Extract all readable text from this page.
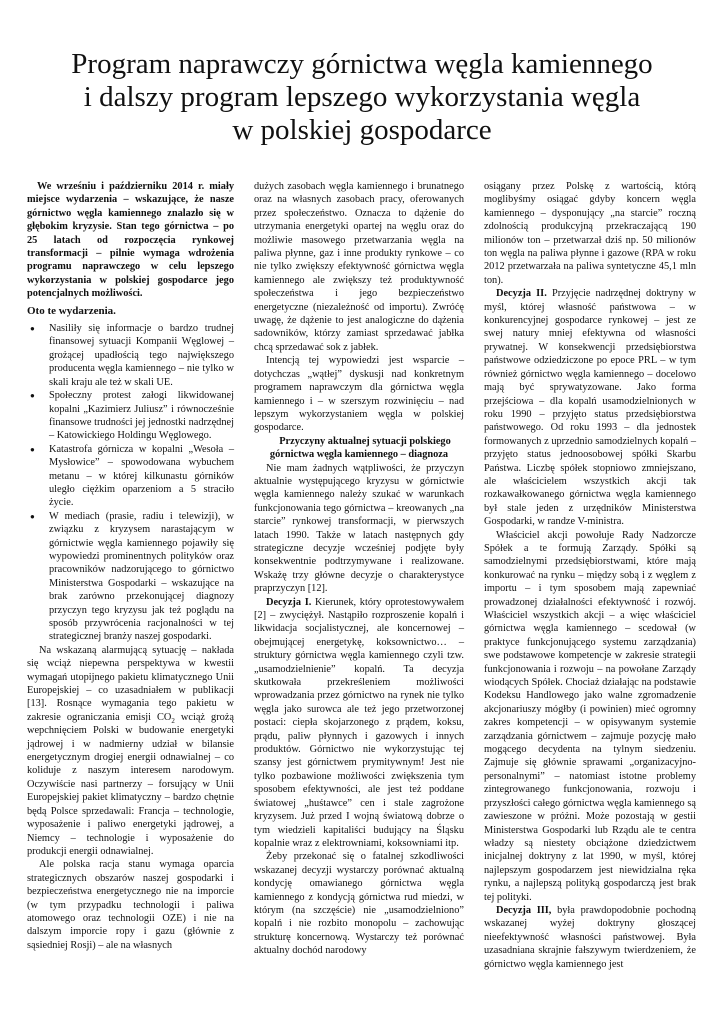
Program naprawczy górnictwa węgla kamiennego
i dalszy program lepszego wykorzystania węgla
w polskiej gospodarce

We wrześniu i październiku 2014 r. miały miejsce wydarzenia – wskazujące, że nasze górnictwo węgla kamiennego znalazło się w głębokim kryzysie. Stan tego górnictwa – po 25 latach od rozpoczęcia rynkowej transformacji – pilnie wymaga wdrożenia programu naprawczego w celu lepszego wykorzystania w polskiej gospodarce jego potencjalnych możliwości.

Oto te wydarzenia.

● Nasiliły się informacje o bardzo trudnej finansowej sytuacji Kompanii Węglowej – grożącej upadłością tego największego producenta węgla kamiennego – nie tylko w skali kraju ale też w skali UE.
● Społeczny protest załogi likwidowanej kopalni „Kazimierz Juliusz” i równocześnie finansowe trudności jej jednostki nadrzędnej – Katowickiego Holdingu Węglowego.
● Katastrofa górnicza w kopalni „Wesoła – Mysłowice” – spowodowana wybuchem metanu – w której kilkunastu górników uległo ciężkim oparzeniom a 5 straciło życie.
● W mediach (prasie, radiu i telewizji), w związku z kryzysem narastającym w górnictwie węgla kamiennego pojawiły się wypowiedzi prominentnych polityków oraz pracowników nadzorującego to górnictwo Ministerstwa Gospodarki – wskazujące na brak zarówno przekonującej diagnozy przyczyn tego kryzysu jak też poglądu na sposób przywrócenia racjonalności w tej strategicznej branży naszej gospodarki.

Na wskazaną alarmującą sytuację – nakłada się wciąż niepewna perspektywa w kwestii wymagań utopijnego pakietu klimatycznego Unii Europejskiej – co uzasadniałem w publikacji [13]. Rosnące wymagania tego pakietu w zakresie ograniczania emisji $CO_2$ wciąż grożą wepchnięciem Polski w budowanie energetyki jądrowej i w nadmierny udział w bilansie energetycznym drogiej energii odnawialnej – co koliduje z naszym interesem narodowym. Oczywiście nasi partnerzy – forsujący w Unii Europejskiej pakiet klimatyczny – bardzo chętnie będą Polsce sprzedawali: Francja – technologie, wyposażenie i paliwo energetyki jądrowej, a Niemcy – technologie i wyposażenie do produkcji energii odnawialnej.

Ale polska racja stanu wymaga oparcia strategicznych obszarów naszej gospodarki i bezpieczeństwa energetycznego nie na imporcie (w tym przypadku technologii i paliwa atomowego oraz technologii OZE) i nie na dalszym imporcie ropy i gazu (głównie z sąsiedniej Rosji) – ale na własnych

dużych zasobach węgla kamiennego i brunatnego oraz na własnych zasobach pracy, oferowanych przez społeczeństwo. Oznacza to dążenie do utrzymania energetyki opartej na węglu oraz do możliwie masowego przetwarzania węgla na paliwa płynne, gaz i inne produkty rynkowe – co nie tylko zwiększy efektywność górnictwa węgla kamiennego ale zwiększy też produktywność społeczeństwa i jego bezpieczeństwo energetyczne (niezależność od importu). Zwróćę uwagę, że dążenie to jest analogiczne do dążenia sadowników, którzy zamiast sprzedawać jabłka chcą sprzedawać sok z jabłek.

Intencją tej wypowiedzi jest wsparcie – dotychczas „wątłej” dyskusji nad konkretnym programem naprawczym dla górnictwa węgla kamiennego i – w szerszym rozwinięciu – nad lepszym wykorzystaniem węgla w polskiej gospodarce.

Przyczyny aktualnej sytuacji polskiego górnictwa węgla kamiennego – diagnoza

Nie mam żadnych wątpliwości, że przyczyn aktualnie występującego kryzysu w górnictwie węgla kamiennego należy szukać w warunkach funkcjonowania tego górnictwa – kreowanych „na starcie” rynkowej transformacji, w pierwszych latach 1990. Także w latach następnych gdy strategiczne decyzje wcześniej podjęte były konsekwentnie podtrzymywane i realizowane. Wskażę trzy główne decyzje o charakterystyce praprzyczyn [12].

Decyzja I. Kierunek, który oprotestowywałem [2] – zwyciężył. Nastąpiło rozproszenie kopalń i likwidacja socjalistycznej, ale koncernowej – obejmującej energetykę, koksownictwo… – struktury górnictwa węgla kamiennego czyli tzw. „usamodzielnienie” kopalń. Ta decyzja skutkowała przekreśleniem możliwości wprowadzania przez górnictwo na rynek nie tylko węgla jako surowca ale też jego przetworzonej postaci: ciepła skojarzonego z prądem, koksu, prądu, paliw płynnych i gazowych i innych produktów. Górnictwo nie wykorzystując tej szansy jest górnictwem prymitywnym! Jest nie tylko pozbawione możliwości zwiększenia tym sposobem efektywności, ale jest też poddane światowej „huśtawce” cen i stale zagrożone kryzysem. Już przed I wojną światową dobrze o tym wiedzieli kapitaliści budujący na Śląsku kopalnie wraz z elektrowniami, koksowniami itp.

Żeby przekonać się o fatalnej szkodliwości wskazanej decyzji wystarczy porównać aktualną kondycję omawianego górnictwa węgla kamiennego z kondycją górnictwa rud miedzi, w którym (na szczęście) nie „usamodzielniono” kopalń i nie rozbito monopolu – zachowując strukturę koncernową. Wystarczy też porównać aktualny dochód narodowy

osiągany przez Polskę z wartością, którą moglibyśmy osiągać gdyby koncern węgla kamiennego – dysponujący „na starcie” roczną zdolnością produkcyjną przekraczającą 190 milionów ton – przetwarzał dziś np. 50 milionów ton węgla na paliwa płynne i gazowe (RPA w roku 2012 przetwarzała na paliwa syntetyczne 45,1 mln ton).

Decyzja II. Przyjęcie nadrzędnej doktryny w myśl, której własność państwowa – w konkurencyjnej gospodarce rynkowej – jest ze swej natury mniej efektywna od własności prywatnej. W konsekwencji przedsiębiorstwa państwowe odziedziczone po epoce PRL – w tym również górnictwo węgla kamiennego – docelowo mają być sprywatyzowane. Jako forma przejściowa – dla kopalń usamodzielnionych w roku 1990 – przyjęto status przedsiębiorstwa państwowego. Od roku 1993 – dla jednostek formowanych z uprzednio samodzielnych kopalń – przyjęto status jednoosobowej spółki Skarbu Państwa. Liczbę spółek stopniowo zmniejszano, ale właścicielem wszystkich akcji tak rozkawałkowanego górnictwa węgla kamiennego był stale jeden z urzędników Ministerstwa Gospodarki, w randze V-ministra.

Właściciel akcji powołuje Rady Nadzorcze Spółek a te formują Zarządy. Spółki są samodzielnymi przedsiębiorstwami, które mają konkurować na rynku – między sobą i z węglem z importu – i tym sposobem mają zapewniać prowadzonej działalności efektywność i rozwój. Właściciel wszystkich akcji – a więc właściciel górnictwa węgla kamiennego – scedował (w praktyce funkcjonującego systemu zarządzania) swe podstawowe kompetencje w zakresie strategii funkcjonowania i rozwoju – na powołane Zarządy wiodących Spółek. Chociaż działając na podstawie Kodeksu Handlowego jako walne zgromadzenie akcjonariuszy mógłby (i powinien) mieć ogromny zakres kompetencji – w opisywanym systemie zarządzania górnictwem – zajmuje pozycję mało mogącego decydenta na tylnym siedzeniu. Zajmuje się głównie sprawami „organizacyjno-personalnymi” – natomiast istotne problemy zintegrowanego funkcjonowania, rozwoju i przyszłości całego górnictwa węgla kamiennego są zawieszone w próżni. Może pozostają w gestii Ministerstwa Gospodarki lub Rządu ale te centra władzy są niestety obciążone dziedzictwem inicjalnej doktryny z lat 1990, w myśl, której najlepszym gospodarzem jest niewidzialna ręka rynku, a najlepszą polityką gospodarczą jest brak tej polityki.

Decyzja III, była prawdopodobnie pochodną wskazanej wyżej doktryny głoszącej nieefektywność własności państwowej. Była uzasadniana skrajnie fałszywym twierdzeniem, że górnictwo węgla kamiennego jest
